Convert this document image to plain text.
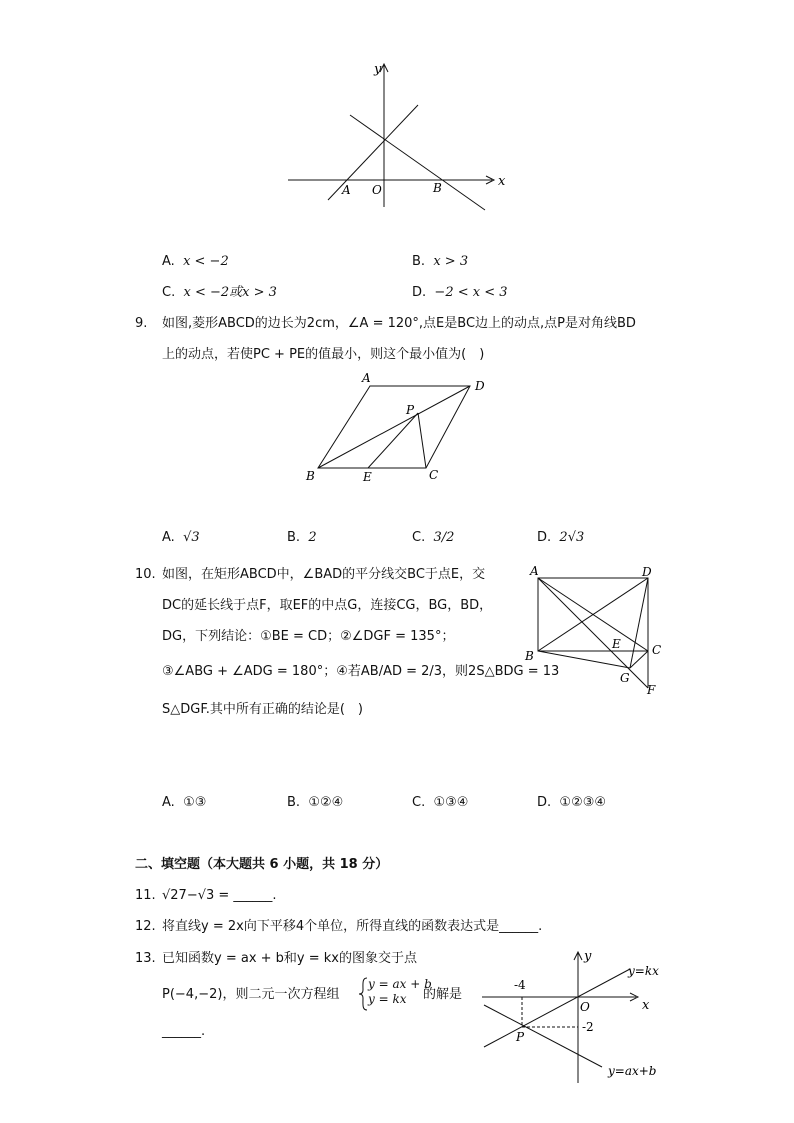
y
x
A O	B
A. x < −2	B. x > 3
C. x < −2或x > 3	D. −2 < x < 3
9. 如图,菱形ABCD的边长为2cm，∠A = 120°,点E是BC边上的动点,点P是对角线BD
上的动点，若使PC + PE的值最小，则这个最小值为(　)
A
D
P
B	E	C
A. √3	B. 2	C. 3/2	D. 2√3
10. 如图，在矩形ABCD中，∠BAD的平分线交BC于点E，交
DC的延长线于点F，取EF的中点G，连接CG，BG，BD，
DG，下列结论：①BE = CD；②∠DGF = 135°；
③∠ABG + ∠ADG = 180°；④若AB/AD = 2/3，则2S△BDG = 13
S△DGF.其中所有正确的结论是(　)
A	D
E	C
B
G
F
A. ①③	B. ①②④	C. ①③④	D. ①②③④
二、填空题（本大题共 6 小题，共 18 分）
11. √27−√3 = ______.
12. 将直线y = 2x向下平移4个单位，所得直线的函数表达式是______.
13. 已知函数y = ax + b和y = kx的图象交于点
P(−4,−2)，则二元一次方程组
y = ax + b
y = kx 的解是
______.
y
x
O
-4
-2
P
y=kx
y=ax+b
